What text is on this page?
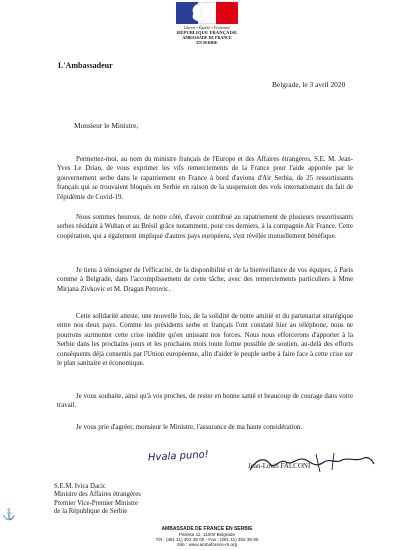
Liberté • Égalité • Fraternité
RÉPUBLIQUE FRANÇAISE
AMBASSADE DE FRANCE
EN SERBIE
L'Ambassadeur
Belgrade, le 3 avril 2020
Monsieur le Ministre,

Permettez-moi, au nom du ministre français de l'Europe et des Affaires étrangères, S.E. M. Jean-Yves Le Drian, de vous exprimer les vifs remerciements de la France pour l'aide apportée par le gouvernement serbe dans le rapatriement en France à bord d'avions d'Air Serbia, de 25 ressortissants français qui se trouvaient bloqués en Serbie en raison de la suspension des vols internationaux du fait de l'épidémie de Covid-19.

Nous sommes heureux, de notre côté, d'avoir contribué au rapatriement de plusieurs ressortissants serbes résidant à Wuhan et au Brésil grâce notamment, pour ces derniers, à la compagnie Air France. Cette coopération, qui a également impliqué d'autres pays européens, s'est révélée mutuellement bénéfique.

Je tiens à témoigner de l'efficacité, de la disponibilité et de la bienveillance de vos équipes, à Paris comme à Belgrade, dans l'accomplissement de cette tâche, avec des remerciements particuliers à Mme Mirjana Zivkovic et M. Dragan Petrovic.

Cette solidarité atteste, une nouvelle fois, de la solidité de notre amitié et du partenariat stratégique entre nos deux pays. Comme les présidents serbe et français l'ont constaté hier au téléphone, nous ne pourrons surmonter cette crise inédite qu'en unissant nos forces. Nous nous efforcerons d'apporter à la Serbie dans les prochains jours et les prochains mois toute forme possible de soutien, au-delà des efforts conséquents déjà consentis par l'Union européenne, afin d'aider le peuple serbe à faire face à cette crise sur le plan sanitaire et économique.

Je vous souhaite, ainsi qu'à vos proches, de rester en bonne santé et beaucoup de courage dans votre travail.

Je vous prie d'agréer, monsieur le Ministre, l'assurance de ma haute considération.

Hvala puno!
Jean-Louis FALCONI
S.E.M. Ivica Dacic
Ministre des Affaires étrangères
Premier Vice-Premier Ministre
de la République de Serbie
⚓
AMBASSADE DE FRANCE EN SERBIE
Pariska 11, 11000 Belgrade
Tél : (381 11) 302 35 00 - Fax : (381 11) 302 35 90
Site : www.ambafrance-rs.org
